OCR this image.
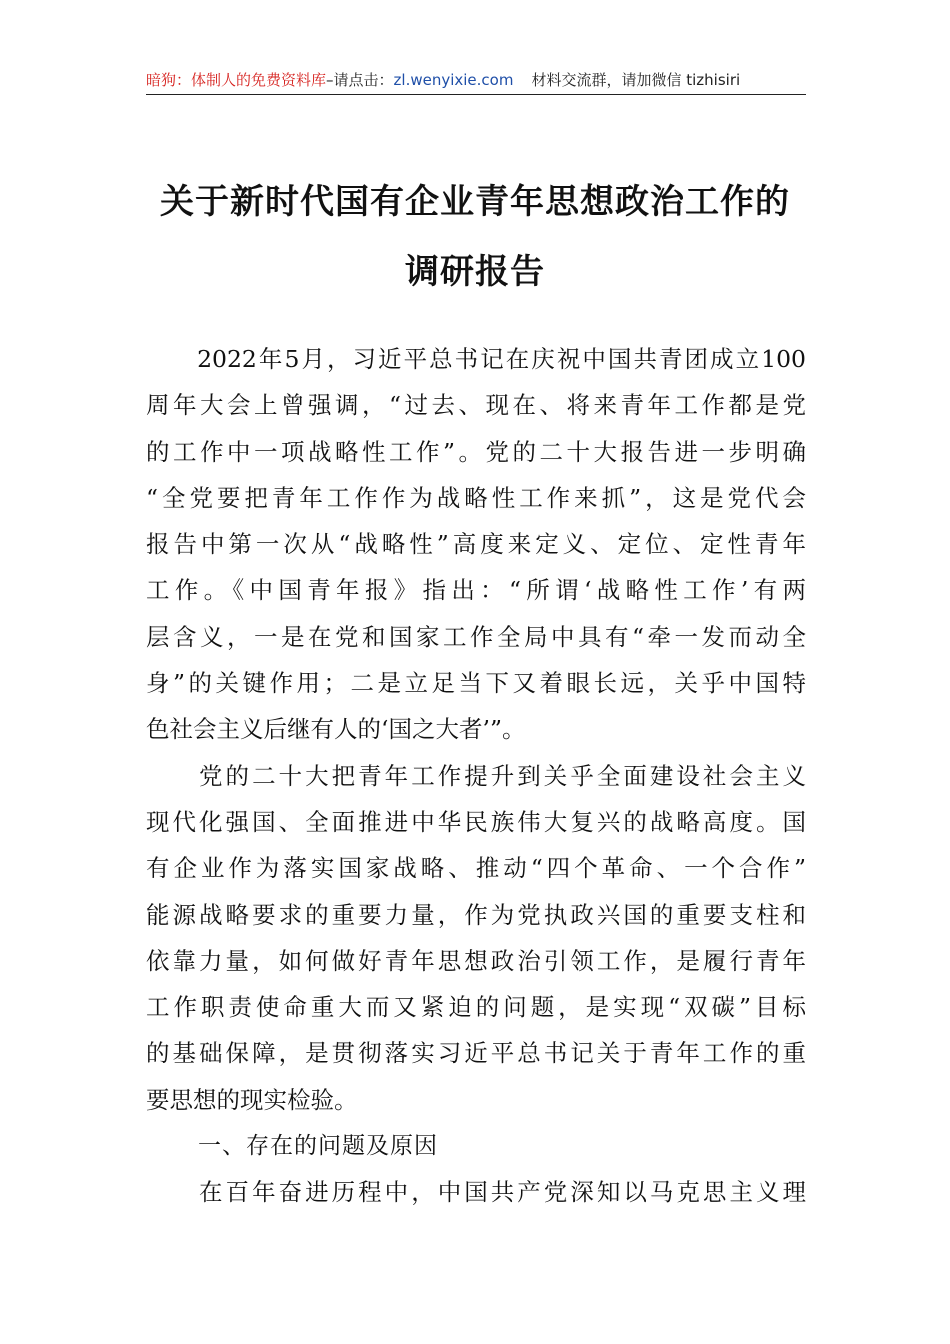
暗狗：体制人的免费资料库–请点击：zl.wenyixie.com 材料交流群，请加微信 tizhisiri
关于新时代国有企业青年思想政治工作的
调研报告
　　2022年5月，习近平总书记在庆祝中国共青团成立100
周年大会上曾强调，“过去、现在、将来青年工作都是党
的工作中一项战略性工作”。党的二十大报告进一步明确
“全党要把青年工作作为战略性工作来抓”，这是党代会
报告中第一次从“战略性”高度来定义、定位、定性青年
工作。《中国青年报》指出：“所谓‘战略性工作’有两
层含义，一是在党和国家工作全局中具有“牵一发而动全
身”的关键作用；二是立足当下又着眼长远，关乎中国特
色社会主义后继有人的‘国之大者’”。
　　党的二十大把青年工作提升到关乎全面建设社会主义
现代化强国、全面推进中华民族伟大复兴的战略高度。国
有企业作为落实国家战略、推动“四个革命、一个合作”
能源战略要求的重要力量，作为党执政兴国的重要支柱和
依靠力量，如何做好青年思想政治引领工作，是履行青年
工作职责使命重大而又紧迫的问题，是实现“双碳”目标
的基础保障，是贯彻落实习近平总书记关于青年工作的重
要思想的现实检验。
一、存在的问题及原因
　　在百年奋进历程中，中国共产党深知以马克思主义理
